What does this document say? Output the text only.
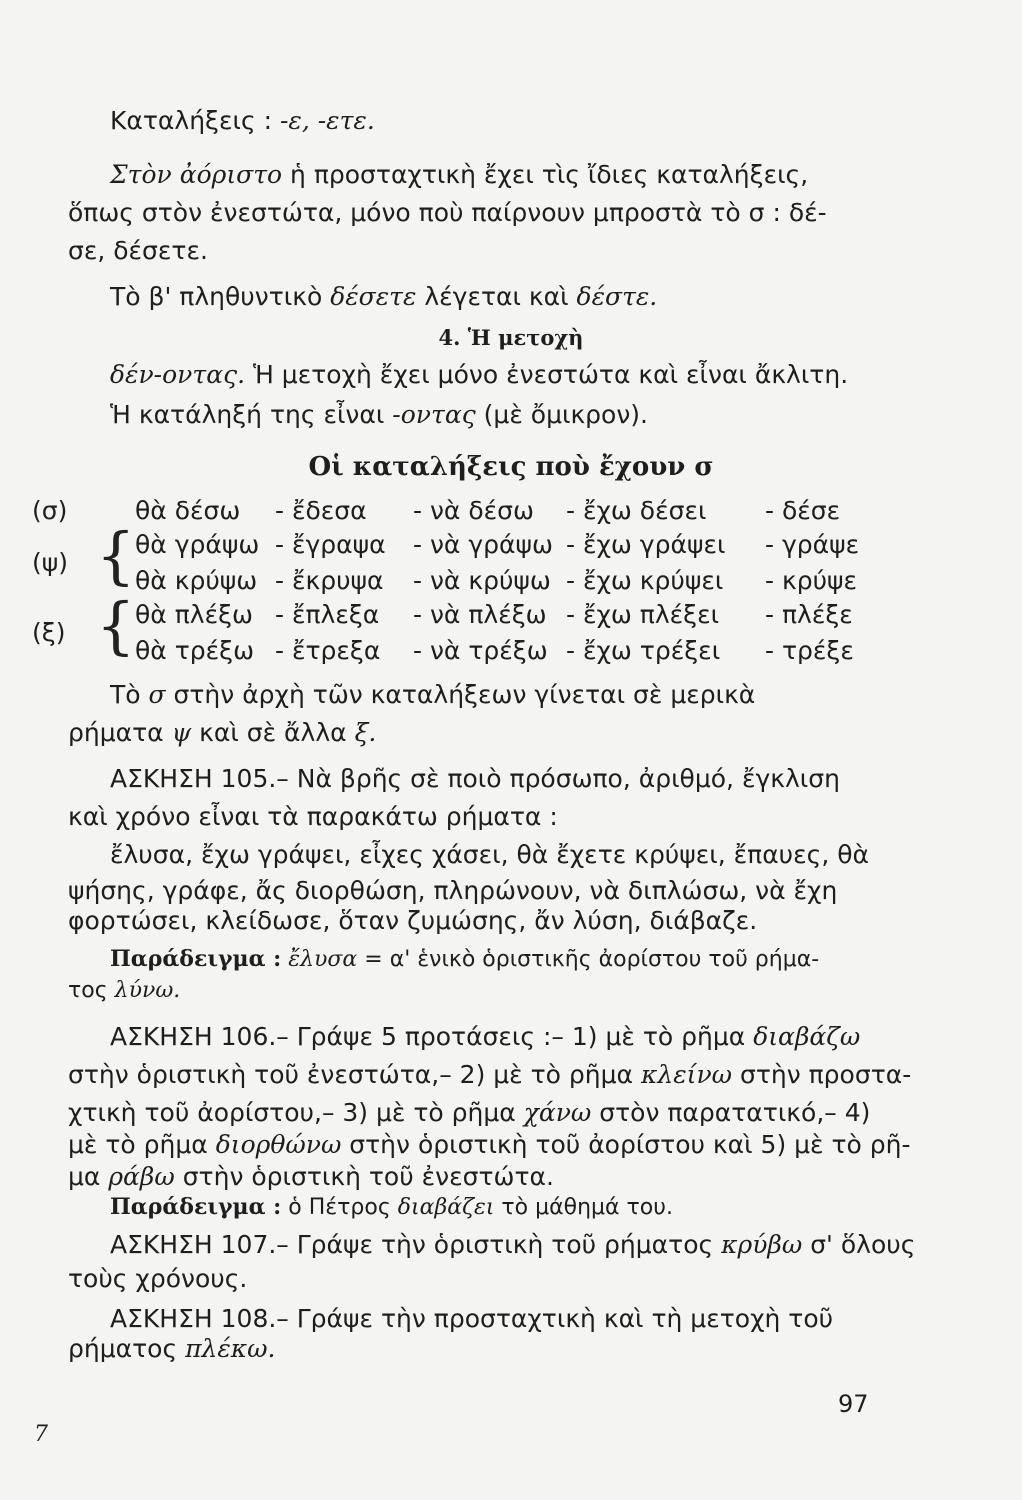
Καταλήξεις : -ε, -ετε.
Στὸν ἀόριστο ἡ προσταχτικὴ ἔχει τὶς ἴδιες καταλήξεις,
ὅπως στὸν ἐνεστώτα, μόνο ποὺ παίρνουν μπροστὰ τὸ σ : δέ-
σε, δέσετε.
Τὸ β' πληθυντικὸ δέσετε λέγεται καὶ δέστε.
4. Ἡ μετοχὴ
δέν-οντας. Ἡ μετοχὴ ἔχει μόνο ἐνεστώτα καὶ εἶναι ἄκλιτη.
Ἡ κατάληξή της εἶναι -οντας (μὲ ὄμικρον).
Οἱ καταλήξεις ποὺ ἔχουν σ
θὰ δέσω - ἔδεσα - νὰ δέσω - ἔχω δέσει - δέσε
(σ)
θὰ γράψω - ἔγραψα - νὰ γράψω - ἔχω γράψει - γράψε
θὰ κρύψω - ἔκρυψα - νὰ κρύψω - ἔχω κρύψει - κρύψε
(ψ) {
θὰ πλέξω - ἔπλεξα - νὰ πλέξω - ἔχω πλέξει - πλέξε
θὰ τρέξω - ἔτρεξα - νὰ τρέξω - ἔχω τρέξει - τρέξε
(ξ) {
Τὸ σ στὴν ἀρχὴ τῶν καταλήξεων γίνεται σὲ μερικὰ
ρήματα ψ καὶ σὲ ἄλλα ξ.
ΑΣΚΗΣΗ 105.– Νὰ βρῆς σὲ ποιὸ πρόσωπο, ἀριθμό, ἔγκλιση
καὶ χρόνο εἶναι τὰ παρακάτω ρήματα :
ἔλυσα, ἔχω γράψει, εἶχες χάσει, θὰ ἔχετε κρύψει, ἔπαυες, θὰ
ψήσης, γράφε, ἄς διορθώση, πληρώνουν, νὰ διπλώσω, νὰ ἔχη
φορτώσει, κλείδωσε, ὅταν ζυμώσης, ἄν λύση, διάβαζε.
Παράδειγμα : ἔλυσα = α' ἑνικὸ ὁριστικῆς ἀορίστου τοῦ ρήμα-
τος λύνω.
ΑΣΚΗΣΗ 106.– Γράψε 5 προτάσεις :– 1) μὲ τὸ ρῆμα διαβάζω
στὴν ὁριστικὴ τοῦ ἐνεστώτα,– 2) μὲ τὸ ρῆμα κλείνω στὴν προστα-
χτικὴ τοῦ ἀορίστου,– 3) μὲ τὸ ρῆμα χάνω στὸν παρατατικό,– 4)
μὲ τὸ ρῆμα διορθώνω στὴν ὁριστικὴ τοῦ ἀορίστου καὶ 5) μὲ τὸ ρῆ-
μα ράβω στὴν ὁριστικὴ τοῦ ἐνεστώτα.
Παράδειγμα : ὁ Πέτρος διαβάζει τὸ μάθημά του.
ΑΣΚΗΣΗ 107.– Γράψε τὴν ὁριστικὴ τοῦ ρήματος κρύβω σ' ὅλους
τοὺς χρόνους.
ΑΣΚΗΣΗ 108.– Γράψε τὴν προσταχτικὴ καὶ τὴ μετοχὴ τοῦ
ρήματος πλέκω.
97
7
